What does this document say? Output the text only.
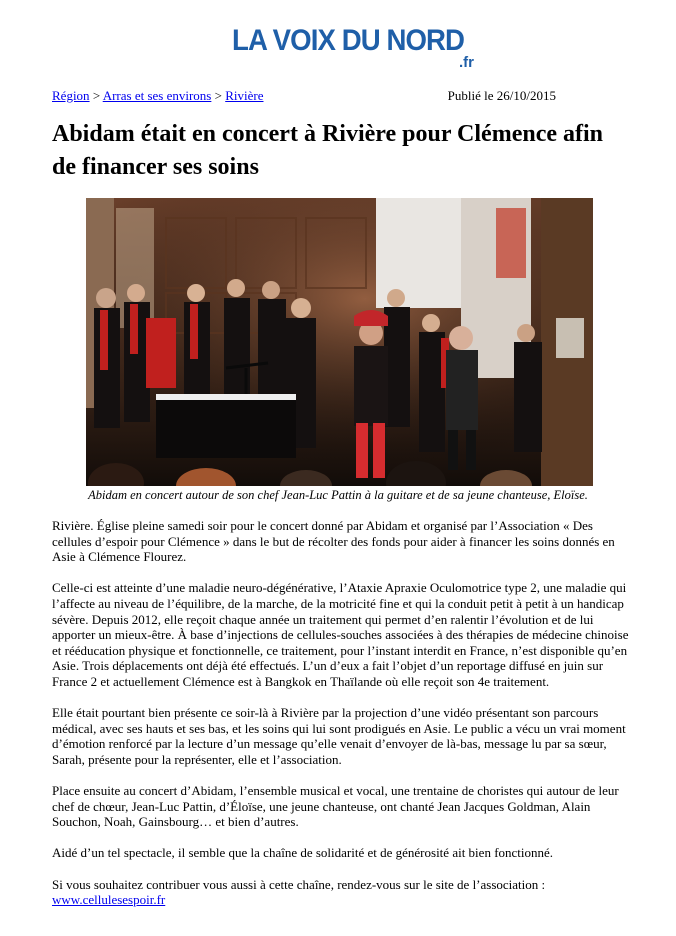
LA VOIX DU NORD
.fr
Région > Arras et ses environs > Rivière	Publié le 26/10/2015
Abidam était en concert à Rivière pour Clémence afin de financer ses soins
Abidam en concert autour de son chef Jean-Luc Pattin à la guitare et de sa jeune chanteuse, Eloïse.

Rivière. Église pleine samedi soir pour le concert donné par Abidam et organisé par l’Association « Des cellules d’espoir pour Clémence » dans le but de récolter des fonds pour aider à financer les soins donnés en Asie à Clémence Flourez.

Celle-ci est atteinte d’une maladie neuro-dégénérative, l’Ataxie Apraxie Oculomotrice type 2, une maladie qui l’affecte au niveau de l’équilibre, de la marche, de la motricité fine et qui la conduit petit à petit à un handicap sévère. Depuis 2012, elle reçoit chaque année un traitement qui permet d’en ralentir l’évolution et de lui apporter un mieux-être. À base d’injections de cellules-souches associées à des thérapies de médecine chinoise et rééducation physique et fonctionnelle, ce traitement, pour l’instant interdit en France, n’est disponible qu’en Asie. Trois déplacements ont déjà été effectués. L’un d’eux a fait l’objet d’un reportage diffusé en juin sur France 2 et actuellement Clémence est à Bangkok en Thaïlande où elle reçoit son 4e traitement.

Elle était pourtant bien présente ce soir-là à Rivière par la projection d’une vidéo présentant son parcours médical, avec ses hauts et ses bas, et les soins qui lui sont prodigués en Asie. Le public a vécu un vrai moment d’émotion renforcé par la lecture d’un message qu’elle venait d’envoyer de là-bas, message lu par sa sœur, Sarah, présente pour la représenter, elle et l’association.

Place ensuite au concert d’Abidam, l’ensemble musical et vocal, une trentaine de choristes qui autour de leur chef de chœur, Jean-Luc Pattin, d’Éloïse, une jeune chanteuse, ont chanté Jean Jacques Goldman, Alain Souchon, Noah, Gainsbourg… et bien d’autres.

Aidé d’un tel spectacle, il semble que la chaîne de solidarité et de générosité ait bien fonctionné.

Si vous souhaitez contribuer vous aussi à cette chaîne, rendez-vous sur le site de l’association :
www.cellulesespoir.fr
